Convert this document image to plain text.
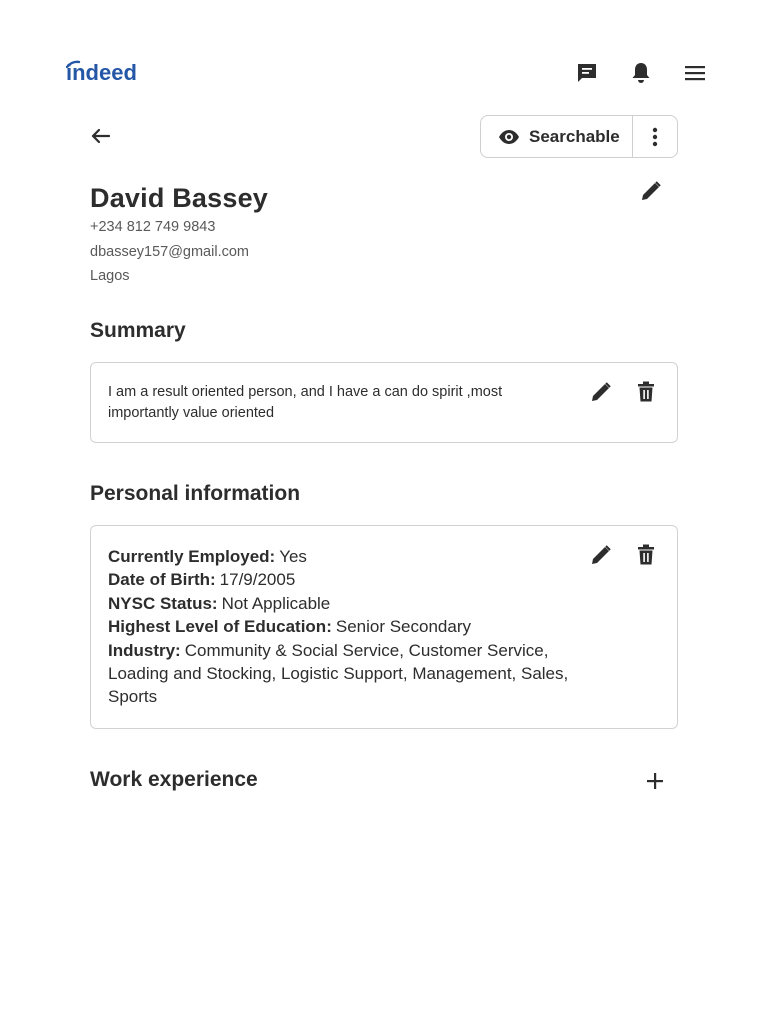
indeed
Searchable
David Bassey
+234 812 749 9843
dbassey157@gmail.com
Lagos
Summary
I am a result oriented person, and I have a can do spirit ,most importantly value oriented
Personal information
Currently Employed: Yes
Date of Birth: 17/9/2005
NYSC Status: Not Applicable
Highest Level of Education: Senior Secondary
Industry: Community & Social Service, Customer Service, Loading and Stocking, Logistic Support, Management, Sales, Sports
Work experience
